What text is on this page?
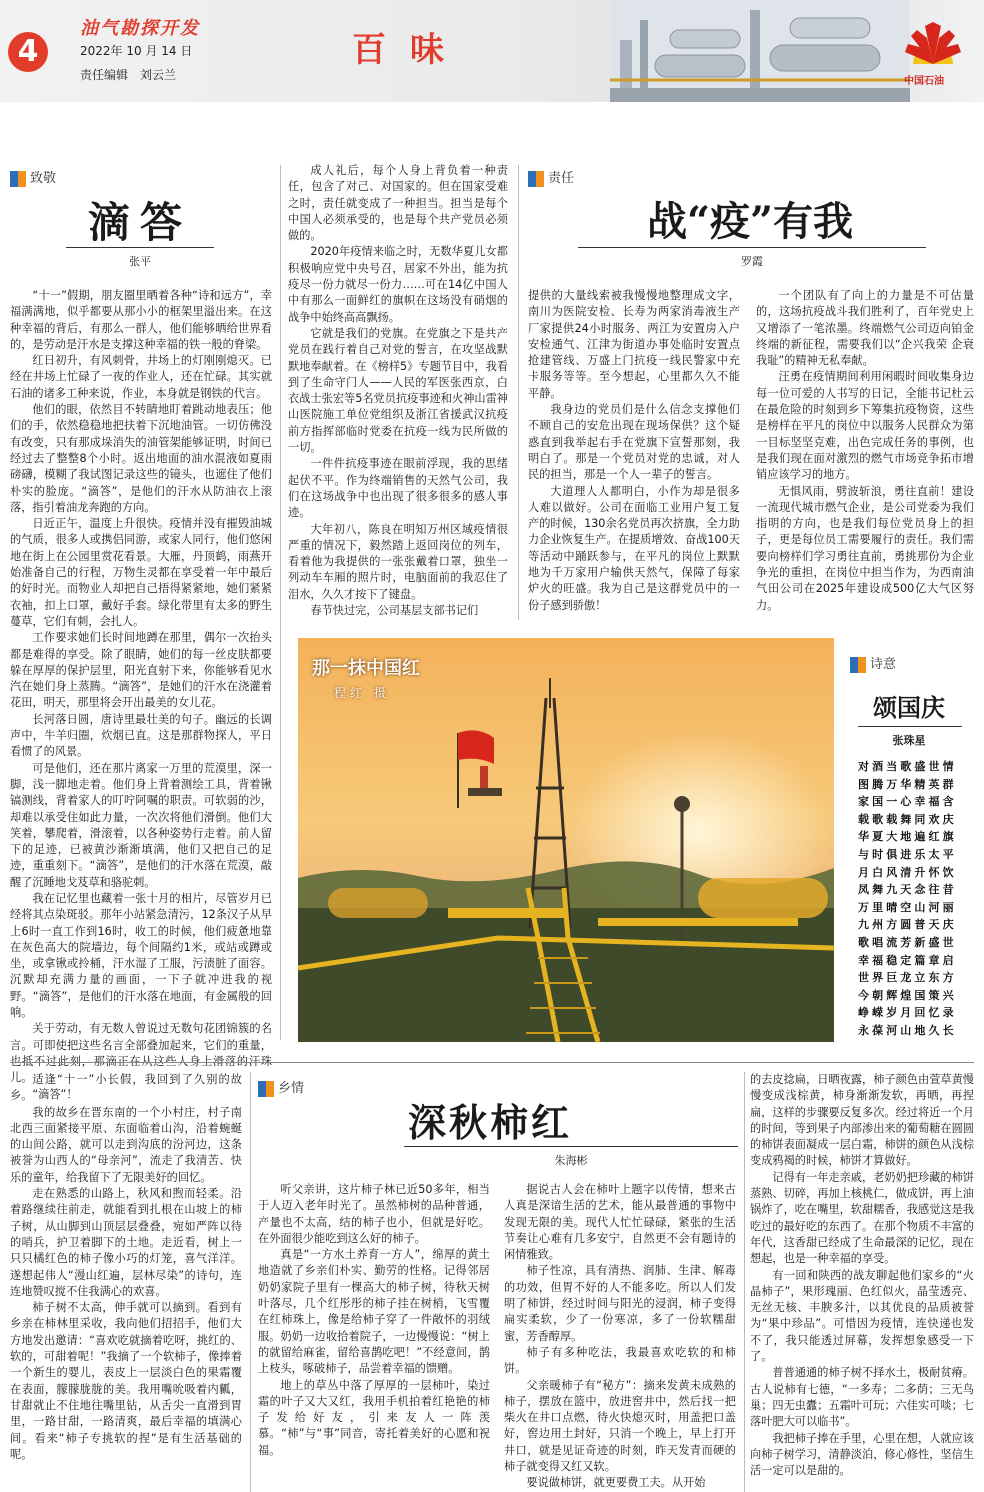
4
油气勘探开发
2022年 10 月 14 日
责任编辑　刘云兰
百味
中国石油
致敬
滴答
张平

“十一”假期，朋友圈里晒着各种“诗和远方”，幸福满满地，似乎都要从那小小的框架里溢出来。在这种幸福的背后，有那么一群人，他们能够晒给世界看的，是劳动是汗水是支撑这种幸福的铁一般的脊梁。

红日初升，有风刺骨，井场上的灯刚刚熄灭。已经在井场上忙碌了一夜的作业人，还在忙碌。其实就石油的诸多工种来说，作业，本身就是钢铁的代言。

他们的眼，依然目不转睛地盯着跳动地表压；他们的手，依然稳稳地把扶着下沉地油管。一切仿佛没有改变，只有那成垛消失的油管架能够证明，时间已经过去了整整8个小时。返出地面的油水混液如夏雨磅礴，模糊了我试图记录这些的镜头，也遮住了他们朴实的脸庞。“滴答”，是他们的汗水从防油衣上滚落，指引着油龙奔跑的方向。

日近正午，温度上升很快。疫情并没有摧毁油城的气质，很多人或携侣同游，或家人同行，他们悠闲地在街上在公园里赏花看景。大雁，丹顶鹤，雨燕开始准备自己的行程，万物生灵都在享受着一年中最后的好时光。而物业人却把自己捂得紧紧地，她们紧紧衣袖，扣上口罩，戴好手套。绿化带里有太多的野生蔓草，它们有刺，会扎人。

工作要求她们长时间地蹲在那里，偶尔一次抬头都是难得的享受。除了眼睛，她们的每一丝皮肤都要躲在厚厚的保护层里，阳光直射下来，你能够看见水汽在她们身上蒸腾。“滴答”，是她们的汗水在浇灌着花田，明天，那里将会开出最美的女儿花。

长河落日圆，唐诗里最壮美的句子。幽远的长调声中，牛羊归圈，炊烟已直。这是那群物探人，平日看惯了的风景。

可是他们，还在那片离家一万里的荒漠里，深一脚，浅一脚地走着。他们身上背着测绘工具，背着锹镐测线，背着家人的叮咛阿嘱的职责。可软弱的沙，却难以承受住如此力量，一次次将他们滑倒。他们大笑着，攀爬着，滑滚着，以各种姿势行走着。前人留下的足迹，已被黄沙渐渐填满，他们又把自己的足迹，重重刻下。“滴答”，是他们的汗水落在荒漠，敲醒了沉睡地戈芨草和骆驼刺。

我在记忆里也藏着一张十月的相片，尽管岁月已经将其点染斑驳。那年小站紧急清污，12条汉子从早上6时一直工作到16时，收工的时候，他们疲惫地靠在灰色高大的院墙边，每个间隔约1米，或站或蹲或坐，或拿锹或拎桶，汗水湿了工服，污渍脏了面容。沉默却充满力量的画面，一下子就冲进我的视野。“滴答”，是他们的汗水落在地面，有金属般的回响。

关于劳动，有无数人曾说过无数句花团锦簇的名言。可即使把这些名言全部叠加起来，它们的重量，也抵不过此刻，那滴正在从这些人身上滑落的汗珠儿。

“滴答”！

成人礼后，每个人身上背负着一种责任，包含了对己、对国家的。但在国家受难之时，责任就变成了一种担当。担当是每个中国人必须承受的，也是每个共产党员必须做的。

2020年疫情来临之时，无数华夏儿女都积极响应党中央号召，居家不外出，能为抗疫尽一份力就尽一份力……可在14亿中国人中有那么一面鲜红的旗帜在这场没有硝烟的战争中始终高高飘扬。

它就是我们的党旗。在党旗之下是共产党员在践行着自己对党的誓言，在攻坚战默默地奉献着。在《榜样5》专题节目中，我看到了生命守门人——人民的军医张西京，白衣战士张宏等5名党员抗疫事迹和火神山雷神山医院施工单位党组织及浙江省援武汉抗疫前方指挥部临时党委在抗疫一线为民所做的一切。

一件件抗疫事迹在眼前浮现，我的思绪起伏不平。作为终端销售的天然气公司，我们在这场战争中也出现了很多很多的感人事迹。

大年初八，陈良在明知万州区域疫情很严重的情况下，毅然踏上返回岗位的列车，看着他为我提供的一张张戴着口罩，独坐一列动车车厢的照片时，电脑面前的我忍住了泪水，久久才按下了键盘。

春节快过完，公司基层支部书记们

责任
战“疫”有我
罗霞

提供的大量线索被我慢慢地整理成文字，南川为医院安检、长寿为两家消毒液生产厂家提供24小时服务、两江为安置房入户安检通气、江津为街道办事处临时安置点抢建管线、万盛上门抗疫一线民警家中充卡服务等等。至今想起，心里都久久不能平静。

我身边的党员们是什么信念支撑他们不顾自己的安危出现在现场保供？这个疑惑直到我举起右手在党旗下宣誓那刻，我明白了。那是一个党员对党的忠诚，对人民的担当，那是一个人一辈子的誓言。

大道理人人都明白，小作为却是很多人难以做好。公司在面临工业用户复工复产的时候，130余名党员再次挤旗，全力助力企业恢复生产。在提质增效、奋战100天等活动中踊跃参与，在平凡的岗位上默默地为千万家用户输供天然气，保障了每家炉火的旺盛。我为自己是这群党员中的一份子感到骄傲！

一个团队有了向上的力量是不可估量的，这场抗疫战斗我们胜利了，百年党史上又增添了一笔浓墨。终端燃气公司迈向铂金终端的新征程，需要我们以“企兴我荣 企衰我耻”的精神无私奉献。

汪勇在疫情期间利用闲暇时间收集身边每一位可爱的人书写的日记，全能书记杜云在最危险的时刻到乡下筹集抗疫物资，这些是榜样在平凡的岗位中以服务人民群众为第一目标坚坚克难，出色完成任务的事例，也是我们现在面对激烈的燃气市场竞争拓市增销应该学习的地方。

无惧风雨，劈波斩浪，勇往直前！建设一流现代城市燃气企业，是公司党委为我们指明的方向，也是我们每位党员身上的担子，更是每位员工需要履行的责任。我们需要向榜样们学习勇往直前，勇挑那份为企业争光的重担，在岗位中担当作为，为西南油气田公司在2025年建设成500亿大气区努力。

那一抹中国红
程红 摄
诗意
颂国庆
张珠星
对酒当歌盛世情
图腾万华精英群
家国一心幸福含
载歌载舞同欢庆
华夏大地遍红旗
与时俱进乐太平
月白风清升怀饮
凤舞九天念往昔
万里晴空山河丽
九州方圆普天庆
歌唱流芳新盛世
幸福稳定篇章启
世界巨龙立东方
今朝辉煌国策兴
峥嵘岁月回忆录
永葆河山地久长

适逢“十一”小长假，我回到了久别的故乡。

我的故乡在晋东南的一个小村庄，村子南北西三面紧接平原、东面临着山沟，沿着蜿蜒的山间公路，就可以走到沟底的汾河边，这条被誉为山西人的“母亲河”，流走了我清苦、快乐的童年，给我留下了无限美好的回忆。

走在熟悉的山路上，秋风和煦而轻柔。沿着路继续往前走，就能看到扎根在山坡上的柿子树，从山脚到山顶层层叠叠，宛如严阵以待的哨兵，护卫着脚下的土地。走近看，树上一只只橘红色的柿子像小巧的灯笼，喜气洋洋。遂想起伟人“漫山红遍，层林尽染”的诗句，连连地赞叹搅不住我满心的欢喜。

柿子树不太高，伸手就可以摘到。看到有乡亲在柿林里采收，我向他们招招手，他们大方地发出邀请：“喜欢吃就摘着吃呀，挑红的、软的，可甜着呢！”我摘了一个软柿子，像捧着一个新生的婴儿，表皮上一层淡白色的果霜覆在表面，朦朦胧胧的美。我用嘴吮吸着内瓤，甘甜就止不住地往嘴里钻，从舌尖一直滑到胃里，一路甘甜，一路清爽，最后幸福的填满心间。看来“柿子专挑软的捏”是有生活基础的呢。

乡情
深秋柿红
朱海彬

听父亲讲，这片柿子林已近50多年，相当于人迈入老年时光了。虽然柿树的品种普通，产量也不太高，结的柿子也小，但就是好吃。在外面很少能吃到这么好的柿子。

真是“一方水土养育一方人”，绵厚的黄土地造就了乡亲们朴实、勤劳的性格。记得邻居奶奶家院子里有一棵高大的柿子树，待秋天树叶落尽，几个红彤彤的柿子挂在树梢，飞雪覆在红柿珠上，像是给柿子穿了一件敞怀的羽绒服。奶奶一边收拾着院子，一边慢慢说：“树上的就留给麻雀，留给喜鹊吃吧！”不经意间，鹊上枝头，啄破柿子，品尝着幸福的馈赠。

地上的草丛中落了厚厚的一层柿叶，染过霜的叶子又大又红，我用手机拍着红艳艳的柿子发给好友，引来友人一阵羡慕。“柿”与“事”同音，寄托着美好的心愿和祝福。

据说古人会在柿叶上题字以传情，想来古人真是深谙生活的艺术，能从最普通的事物中发现无限的美。现代人忙忙碌碌，紧张的生活节奏让心难有几多安宁，自然更不会有题诗的闲情雅致。

柿子性凉，具有清热、润肺、生津、解毒的功效，但胃不好的人不能多吃。所以人们发明了柿饼，经过时间与阳光的浸润，柿子变得扁实柔软，少了一份寒凉，多了一份软糯甜蜜，芳香醇厚。

柿子有多种吃法，我最喜欢吃软的和柿饼。

父亲暖柿子有“秘方”：摘来发黄未成熟的柿子，摆放在篮中，放进窖井中，然后找一把柴火在井口点燃，待火快熄灭时，用盖把口盖好，窖边用土封好，只消一个晚上，早上打开井口，就是见证奇迹的时刻，昨天发青而硬的柿子就变得又红又软。

要说做柿饼，就更要费工夫。从开始

的去皮捻扁，日晒夜露，柿子颜色由萱草黄慢慢变成浅棕黄，柿身渐渐发软，再晒，再捏扁，这样的步骤要反复多次。经过将近一个月的时间，等到果子内部渗出来的葡萄糖在圆圆的柿饼表面凝成一层白霜，柿饼的颜色从浅棕变成鸦褐的时候，柿饼才算做好。

记得有一年走亲戚，老奶奶把珍藏的柿饼蒸熟、切碎，再加上核桃仁，做成饼，再上油锅炸了，吃在嘴里，软甜糯香，我感觉这是我吃过的最好吃的东西了。在那个物质不丰富的年代，这香甜已经成了生命最深的记忆，现在想起，也是一种幸福的享受。

有一回和陕西的战友聊起他们家乡的“火晶柿子”，果形瑰丽、色红似火，晶莹透亮、无丝无核、丰腴多汁，以其优良的品质被誉为“果中珍品”。可惜因为疫情，连快递也发不了，我只能透过屏幕，发挥想象感受一下了。

普普通通的柿子树不择水土，极耐贫瘠。古人说柿有七德，“一多寿；二多荫；三无鸟巢；四无虫蠹；五霜叶可玩；六佳实可啖；七落叶肥大可以临书”。

我把柿子捧在手里，心里在想，人就应该向柿子树学习，清静淡泊，修心修性，坚信生活一定可以是甜的。
